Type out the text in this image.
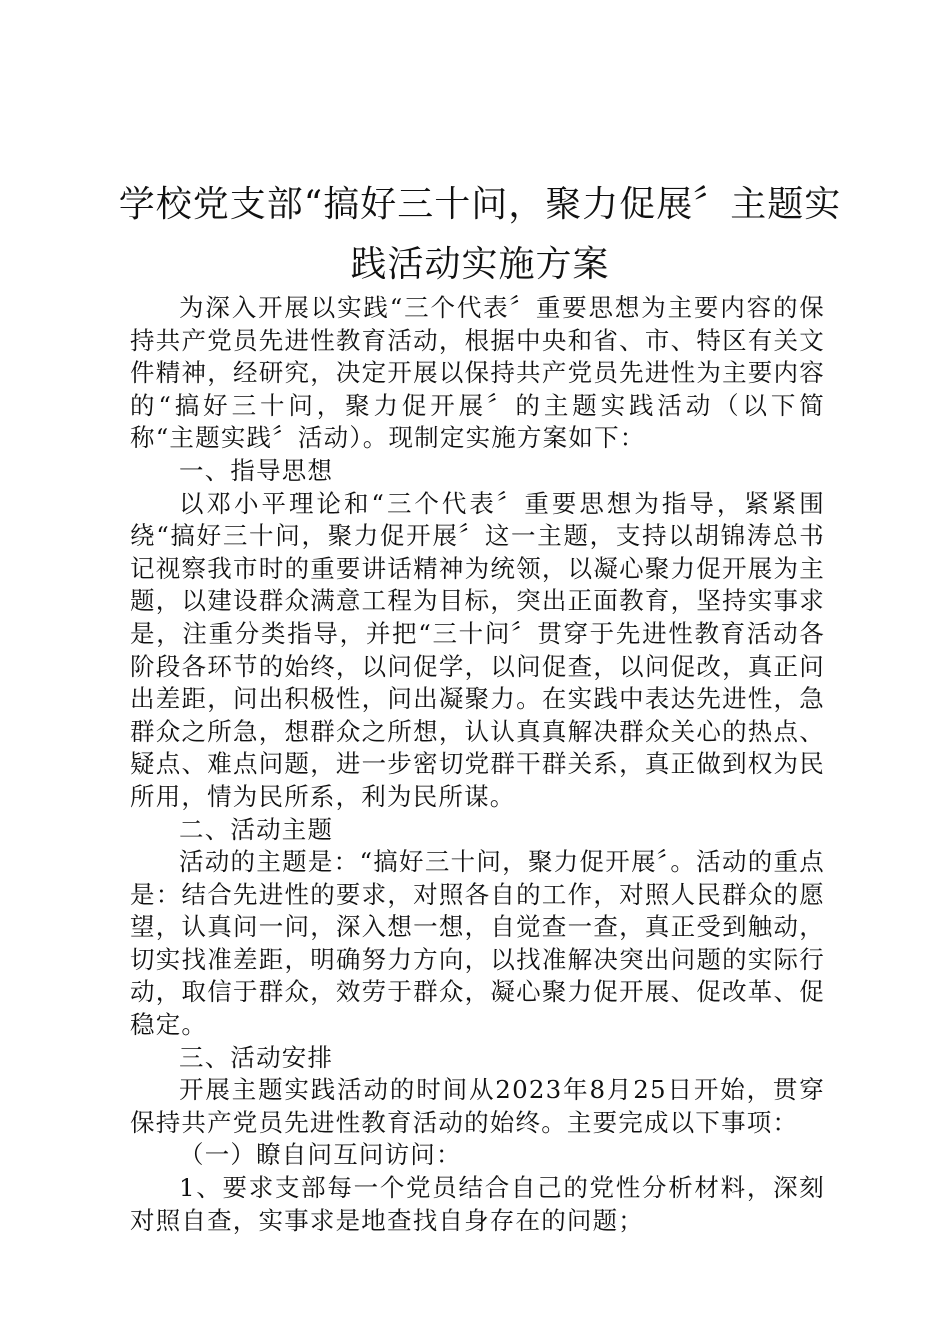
学校党支部“搞好三十问，聚力促展〞主题实践活动实施方案

为深入开展以实践“三个代表〞重要思想为主要内容的保持共产党员先进性教育活动，根据中央和省、市、特区有关文件精神，经研究，决定开展以保持共产党员先进性为主要内容的“搞好三十问，聚力促开展〞的主题实践活动（以下简称“主题实践〞活动）。现制定实施方案如下：

一、指导思想

以邓小平理论和“三个代表〞重要思想为指导，紧紧围绕“搞好三十问，聚力促开展〞这一主题，支持以胡锦涛总书记视察我市时的重要讲话精神为统领，以凝心聚力促开展为主题，以建设群众满意工程为目标，突出正面教育，坚持实事求是，注重分类指导，并把“三十问〞贯穿于先进性教育活动各阶段各环节的始终，以问促学，以问促查，以问促改，真正问出差距，问出积极性，问出凝聚力。在实践中表达先进性，急群众之所急，想群众之所想，认认真真解决群众关心的热点、疑点、难点问题，进一步密切党群干群关系，真正做到权为民所用，情为民所系，利为民所谋。

二、活动主题

活动的主题是：“搞好三十问，聚力促开展〞。活动的重点是：结合先进性的要求，对照各自的工作，对照人民群众的愿望，认真问一问，深入想一想，自觉查一查，真正受到触动，切实找准差距，明确努力方向，以找准解决突出问题的实际行动，取信于群众，效劳于群众，凝心聚力促开展、促改革、促稳定。

三、活动安排

开展主题实践活动的时间从2023年8月25日开始，贯穿保持共产党员先进性教育活动的始终。主要完成以下事项：

（一）瞭自问互问访问：

1、要求支部每一个党员结合自己的党性分析材料，深刻对照自查，实事求是地查找自身存在的问题；
